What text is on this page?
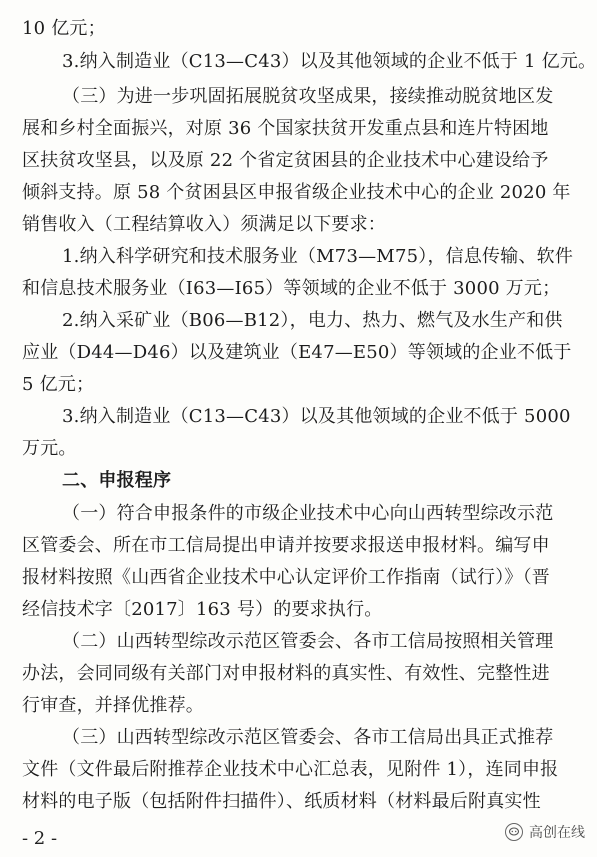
10 亿元；
3.纳入制造业（C13—C43）以及其他领域的企业不低于 1 亿元。
（三）为进一步巩固拓展脱贫攻坚成果，接续推动脱贫地区发
展和乡村全面振兴，对原 36 个国家扶贫开发重点县和连片特困地
区扶贫攻坚县，以及原 22 个省定贫困县的企业技术中心建设给予
倾斜支持。原 58 个贫困县区申报省级企业技术中心的企业 2020 年
销售收入（工程结算收入）须满足以下要求：
1.纳入科学研究和技术服务业（M73—M75），信息传输、软件
和信息技术服务业（I63—I65）等领域的企业不低于 3000 万元；
2.纳入采矿业（B06—B12），电力、热力、燃气及水生产和供
应业（D44—D46）以及建筑业（E47—E50）等领域的企业不低于
5 亿元；
3.纳入制造业（C13—C43）以及其他领域的企业不低于 5000
万元。
二、申报程序
（一）符合申报条件的市级企业技术中心向山西转型综改示范
区管委会、所在市工信局提出申请并按要求报送申报材料。编写申
报材料按照《山西省企业技术中心认定评价工作指南（试行）》（晋
经信技术字〔2017〕163 号）的要求执行。
（二）山西转型综改示范区管委会、各市工信局按照相关管理
办法，会同同级有关部门对申报材料的真实性、有效性、完整性进
行审查，并择优推荐。
（三）山西转型综改示范区管委会、各市工信局出具正式推荐
文件（文件最后附推荐企业技术中心汇总表，见附件 1），连同申报
材料的电子版（包括附件扫描件）、纸质材料（材料最后附真实性
- 2 -	高创在线
